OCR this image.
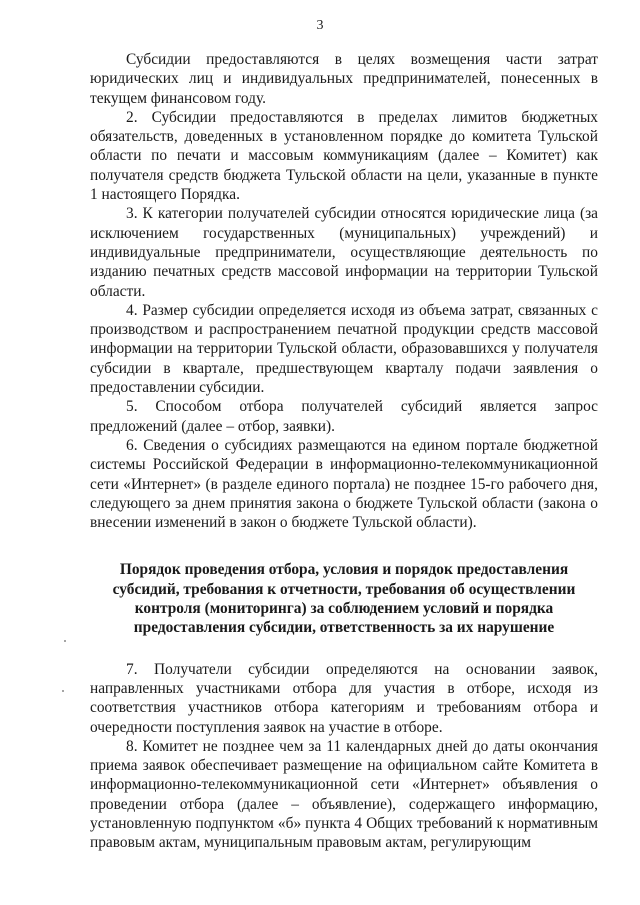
3

Субсидии предоставляются в целях возмещения части затрат юридических лиц и индивидуальных предпринимателей, понесенных в текущем финансовом году.

2. Субсидии предоставляются в пределах лимитов бюджетных обязательств, доведенных в установленном порядке до комитета Тульской области по печати и массовым коммуникациям (далее – Комитет) как получателя средств бюджета Тульской области на цели, указанные в пункте 1 настоящего Порядка.

3. К категории получателей субсидии относятся юридические лица (за исключением государственных (муниципальных) учреждений) и индивидуальные предприниматели, осуществляющие деятельность по изданию печатных средств массовой информации на территории Тульской области.

4. Размер субсидии определяется исходя из объема затрат, связанных с производством и распространением печатной продукции средств массовой информации на территории Тульской области, образовавшихся у получателя субсидии в квартале, предшествующем кварталу подачи заявления о предоставлении субсидии.

5. Способом отбора получателей субсидий является запрос предложений (далее – отбор, заявки).

6. Сведения о субсидиях размещаются на едином портале бюджетной системы Российской Федерации в информационно-телекоммуникационной сети «Интернет» (в разделе единого портала) не позднее 15-го рабочего дня, следующего за днем принятия закона о бюджете Тульской области (закона о внесении изменений в закон о бюджете Тульской области).

Порядок проведения отбора, условия и порядок предоставления субсидий, требования к отчетности, требования об осуществлении контроля (мониторинга) за соблюдением условий и порядка предоставления субсидии, ответственность за их нарушение

7. Получатели субсидии определяются на основании заявок, направленных участниками отбора для участия в отборе, исходя из соответствия участников отбора категориям и требованиям отбора и очередности поступления заявок на участие в отборе.

8. Комитет не позднее чем за 11 календарных дней до даты окончания приема заявок обеспечивает размещение на официальном сайте Комитета в информационно-телекоммуникационной сети «Интернет» объявления о проведении отбора (далее – объявление), содержащего информацию, установленную подпунктом «б» пункта 4 Общих требований к нормативным правовым актам, муниципальным правовым актам, регулирующим
